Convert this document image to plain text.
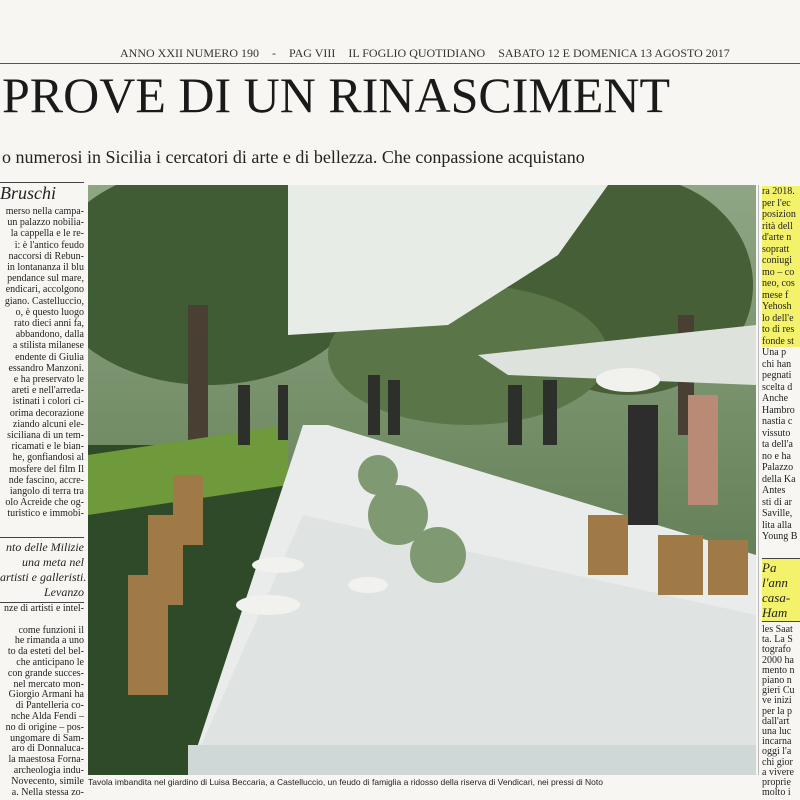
ANNO XXII NUMERO 190 - PAG VIII IL FOGLIO QUOTIDIANO SABATO 12 E DOMENICA 13 AGOSTO 2017
PROVE DI UN RINASCIMENT
o numerosi in Sicilia i cercatori di arte e di bellezza. Che conpassione acquistano
Bruschi

merso nella campa-

un palazzo nobilia-

la cappella e le re-

i: è l'antico feudo

naccorsi di Rebun-

in lontananza il blu

pendance sul mare,

endicari, accolgono

giano. Castelluccio,

o, è questo luogo

rato dieci anni fa,

abbandono, dalla

a stilista milanese

endente di Giulia

essandro Manzoni.

e ha preservato le

areti e nell'arreda-

istinati i colori ci-

orima decorazione

ziando alcuni ele-

siciliana di un tem-

ricamati e le bian-

he, gonfiandosi al

mosfere del film Il

nde fascino, accre-

iangolo di terra tra

olo Acreide che og-

turistico e immobi-

nto delle Milizie

una meta nel

artisti e galleristi.

Levanzo

nze di artisti e intel-

come funzioni il

he rimanda a uno

to da esteti del bel-

che anticipano le

con grande succes-

nel mercato mon-

Giorgio Armani ha

di Pantelleria co-

nche Alda Fendi –

no di origine – pos-

ungomare di Sam-

aro di Donnaluca-

la maestosa Forna-

archeologia indu-

Novecento, simile

a. Nella stessa zo-

Tavola imbandita nel giardino di Luisa Beccaria, a Castelluccio, un feudo di famiglia a ridosso della riserva di Vendicari, nei pressi di Noto

ra 2018.

per l'ec

posizion

rità dell

d'arte n

sopratt

coniugi

mo – co

neo, cos

mese f

Yehosh

lo dell'e

to di res

fonde st

Una p

chi han

pegnati

scelta d

Anche

Hambro

nastia c

vissuto

ta dell'a

no e ha

Palazzo

della Ka

Antes

sti di ar

Saville,

lita alla

Young B

Pa

l'ann

casa-

Ham

les Saat

ta. La S

tografo

2000 ha

mento n

piano n

gieri Cu

ve inizi

per la p

dall'art

una luc

incarna

oggi l'a

chi gior

a vivere

proprie

molto i
